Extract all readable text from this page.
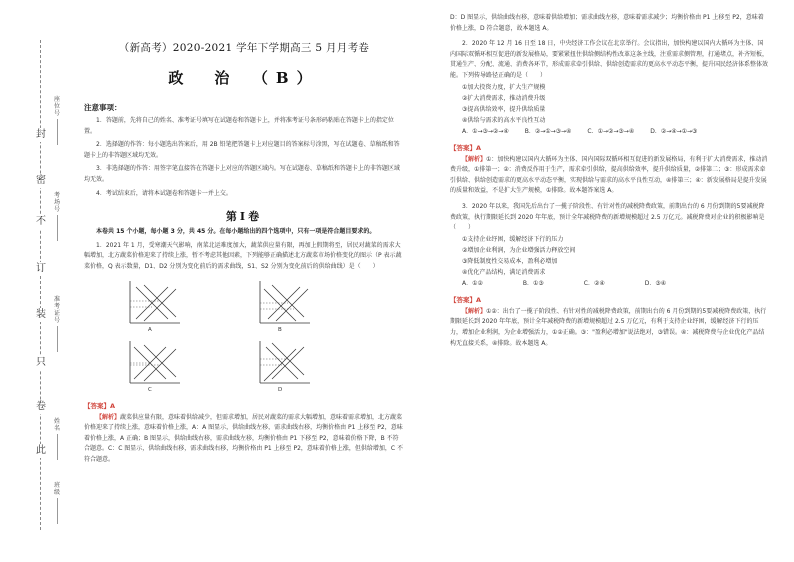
封
密
不
订
装
只
卷
此
座位号
考场号
准考证号
姓名
班级
（新高考）2020-2021 学年下学期高三 5 月月考卷
政　治　（B）
注意事项：

1．答题前，先将自己的姓名、准考证号填写在试题卷和答题卡上，并将准考证号条形码粘贴在答题卡上的指定位置。

2．选择题的作答：每小题选出答案后，用 2B 铅笔把答题卡上对应题目的答案标号涂黑，写在试题卷、草稿纸和答题卡上的非答题区域均无效。

3．非选择题的作答：用签字笔直接答在答题卡上对应的答题区域内。写在试题卷、草稿纸和答题卡上的非答题区域均无效。

4．考试结束后，请将本试题卷和答题卡一并上交。

第Ⅰ卷

本卷共 15 个小题，每小题 3 分，共 45 分。在每小题给出的四个选项中，只有一项是符合题目要求的。

1．2021 年 1 月，受寒潮天气影响，南菜北运难度加大，蔬菜供应量有限，再加上假期将至，居民对蔬菜的需求大幅增加，北方蔬菜价格迎来了持续上涨，暂不考虑其他因素，下列能够正确描述北方蔬菜市场价格变化的图示（P 表示蔬菜价格，Q 表示数量，D1、D2 分别为变化前后的需求曲线，S1、S2 分别为变化前后的供给曲线）是（　　）

A	B
C	D
【答案】A

【解析】蔬菜供应量有限，意味着供给减少，但需求增加，居民对蔬菜的需求大幅增加，意味着需求增加，北方蔬菜价格迎来了持续上涨，意味着价格上涨，A：A 图显示，供给曲线左移，需求曲线右移，均衡价格由 P1 上移至 P2，意味着价格上涨，A 正确；B 图显示，供给曲线右移，需求曲线左移，均衡价格由 P1 下移至 P2，意味着价格下降，B 不符合题意。C：C 图显示，供给曲线右移，需求曲线右移，均衡价格由 P1 上移至 P2，意味着价格上涨，但供给增加，C 不符合题意。

D：D 图显示，供给曲线右移，意味着供给增加；需求曲线左移，意味着需求减少；均衡价格由 P1 上移至 P2，意味着价格上涨，D 符合题意，故本题选 A。

2．2020 年 12 月 16 日至 18 日，中央经济工作会议在北京举行。会议指出，加快构建以国内大循环为主体、国内国际双循环相互促进的新发展格局，要紧紧扭住供给侧结构性改革这条主线，注重需求侧管理，打通堵点，补齐短板，贯通生产、分配、流通、消费各环节，形成需求牵引供给、供给创造需求的更高水平动态平衡，提升国民经济体系整体效能。下列传导路径正确的是（　　）

①加大投资力度，扩大生产规模
②扩大消费需求，推动消费升级
③提高供给效率，提升供给质量
④供给与需求的高水平良性互动
A．①→③→②→④	B．②→①→③→④	C．①→②→③→④	D．②→④→①→③
【答案】A

【解析】①：加快构建以国内大循环为主体、国内国际双循环相互促进的新发展格局，有利于扩大消费需求，推动消费升级，①排第一；②：消费反作用于生产，需求牵引供给，提高供给效率，提升供给质量，②排第二；③：形成需求牵引供给、供给创造需求的更高水平动态平衡，实现供给与需求的高水平良性互动，④排第三；④：新发展格局是提升发展的质量和效益，不是扩大生产规模，①排除。故本题答案选 A。

3．2020 年以来，我国先后出台了一揽子阶段性、有针对性的减税降费政策，前期出台的 6 月份到期的5要减税降费政策，执行期限延长到 2020 年年底，预计全年减税降费的新增规模超过 2.5 万亿元。减税降费对企业的积极影响是（　　）

①支持企业纾困，缓解经济下行的压力
②增加企业利润，为企业增强活力释放空间
③降低制度性交易成本，盈利必增加
④优化产品结构，满足消费需求
A．①②	B．①③	C．②④	D．③④
【答案】A

【解析】①②：出台了一揽子阶段性、有针对性的减税降费政策，前期出台的 6 月份到期的5要减税降费政策，执行期限延长到 2020 年年底，预计全年减税降费的新增规模超过 2.5 万亿元，有利于支持企业纾困，缓解经济下行的压力，增加企业利润，为企业增强活力，①②正确。③："盈利必增加"说法绝对，③错误。④：减税降费与企业优化产品结构无直接关系，④排除。故本题选 A。
